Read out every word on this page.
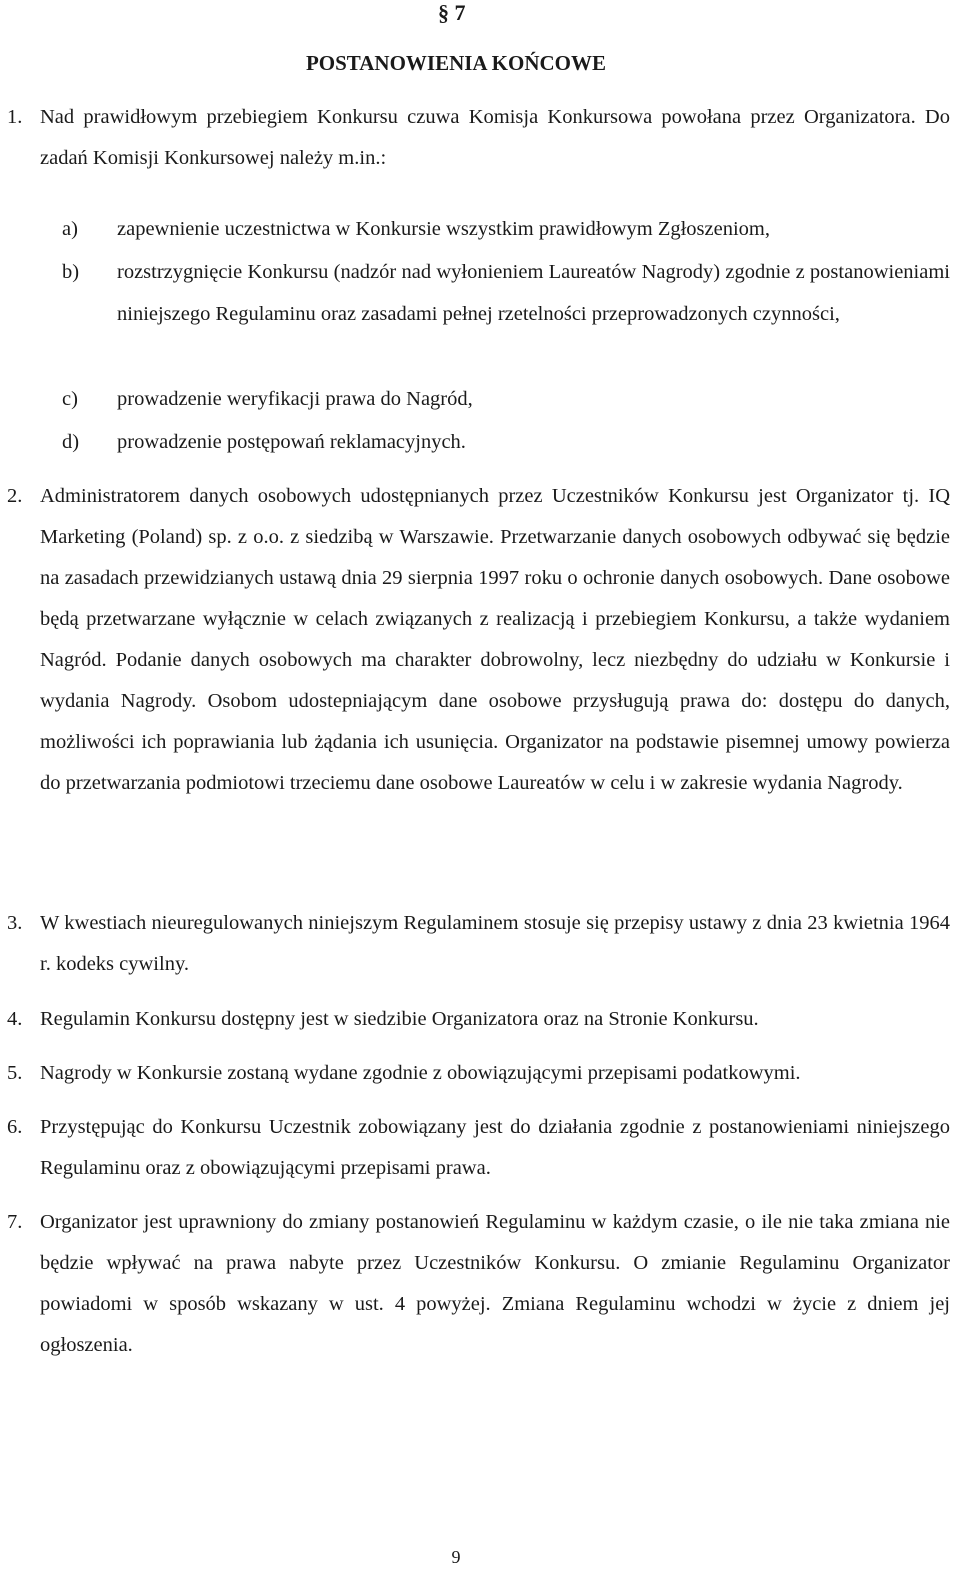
§ 7
POSTANOWIENIA KOŃCOWE
1. Nad prawidłowym przebiegiem Konkursu czuwa Komisja Konkursowa powołana przez Organizatora. Do zadań Komisji Konkursowej należy m.in.:
a) zapewnienie uczestnictwa w Konkursie wszystkim prawidłowym Zgłoszeniom,
b) rozstrzygnięcie Konkursu (nadzór nad wyłonieniem Laureatów Nagrody) zgodnie z postanowieniami niniejszego Regulaminu oraz zasadami pełnej rzetelności przeprowadzonych czynności,
c) prowadzenie weryfikacji prawa do Nagród,
d) prowadzenie postępowań reklamacyjnych.
2. Administratorem danych osobowych udostępnianych przez Uczestników Konkursu jest Organizator tj. IQ Marketing (Poland) sp. z o.o. z siedzibą w Warszawie. Przetwarzanie danych osobowych odbywać się będzie na zasadach przewidzianych ustawą dnia 29 sierpnia 1997 roku o ochronie danych osobowych. Dane osobowe będą przetwarzane wyłącznie w celach związanych z realizacją i przebiegiem Konkursu, a także wydaniem Nagród. Podanie danych osobowych ma charakter dobrowolny, lecz niezbędny do udziału w Konkursie i wydania Nagrody. Osobom udostepniającym dane osobowe przysługują prawa do: dostępu do danych, możliwości ich poprawiania lub żądania ich usunięcia. Organizator na podstawie pisemnej umowy powierza do przetwarzania podmiotowi trzeciemu dane osobowe Laureatów w celu i w zakresie wydania Nagrody.
3. W kwestiach nieuregulowanych niniejszym Regulaminem stosuje się przepisy ustawy z dnia 23 kwietnia 1964 r. kodeks cywilny.
4. Regulamin Konkursu dostępny jest w siedzibie Organizatora oraz na Stronie Konkursu.
5. Nagrody w Konkursie zostaną wydane zgodnie z obowiązującymi przepisami podatkowymi.
6. Przystępując do Konkursu Uczestnik zobowiązany jest do działania zgodnie z postanowieniami niniejszego Regulaminu oraz z obowiązującymi przepisami prawa.
7. Organizator jest uprawniony do zmiany postanowień Regulaminu w każdym czasie, o ile nie taka zmiana nie będzie wpływać na prawa nabyte przez Uczestników Konkursu. O zmianie Regulaminu Organizator powiadomi w sposób wskazany w ust. 4 powyżej. Zmiana Regulaminu wchodzi w życie z dniem jej ogłoszenia.
9
